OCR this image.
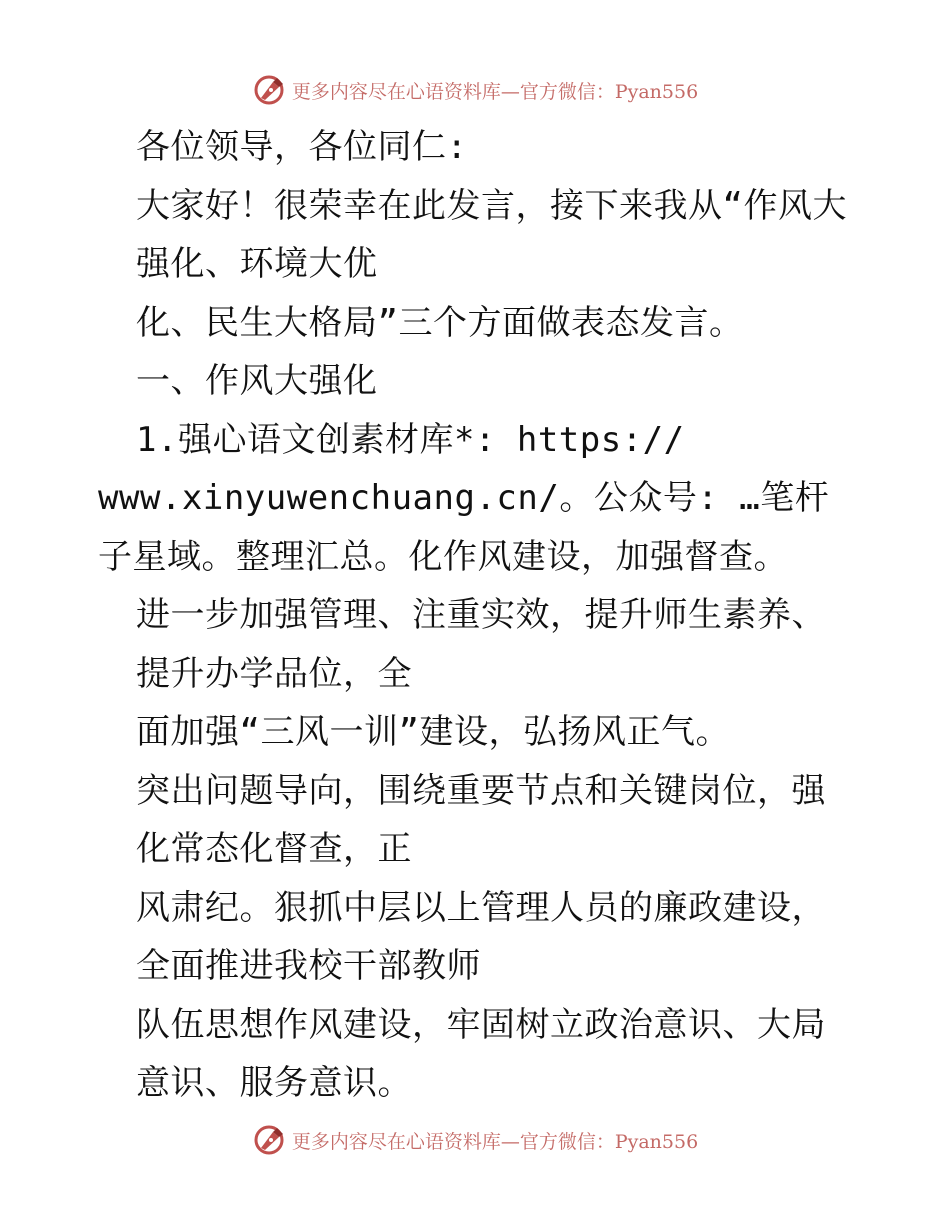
更多内容尽在心语资料库—官方微信：Pyan556

各位领导，各位同仁:

大家好！很荣幸在此发言，接下来我从“作风大强化、环境大优

化、民生大格局”三个方面做表态发言。

一、作风大强化

1.强心语文创素材库*: https://

www.xinyuwenchuang.cn/。公众号: …笔杆子星域。整理汇总。化作风建设，加强督查。

进一步加强管理、注重实效，提升师生素养、提升办学品位，全

面加强“三风一训”建设，弘扬风正气。

突出问题导向，围绕重要节点和关键岗位，强化常态化督查，正

风肃纪。狠抓中层以上管理人员的廉政建设，全面推进我校干部教师

队伍思想作风建设，牢固树立政治意识、大局意识、服务意识。

更多内容尽在心语资料库—官方微信：Pyan556
